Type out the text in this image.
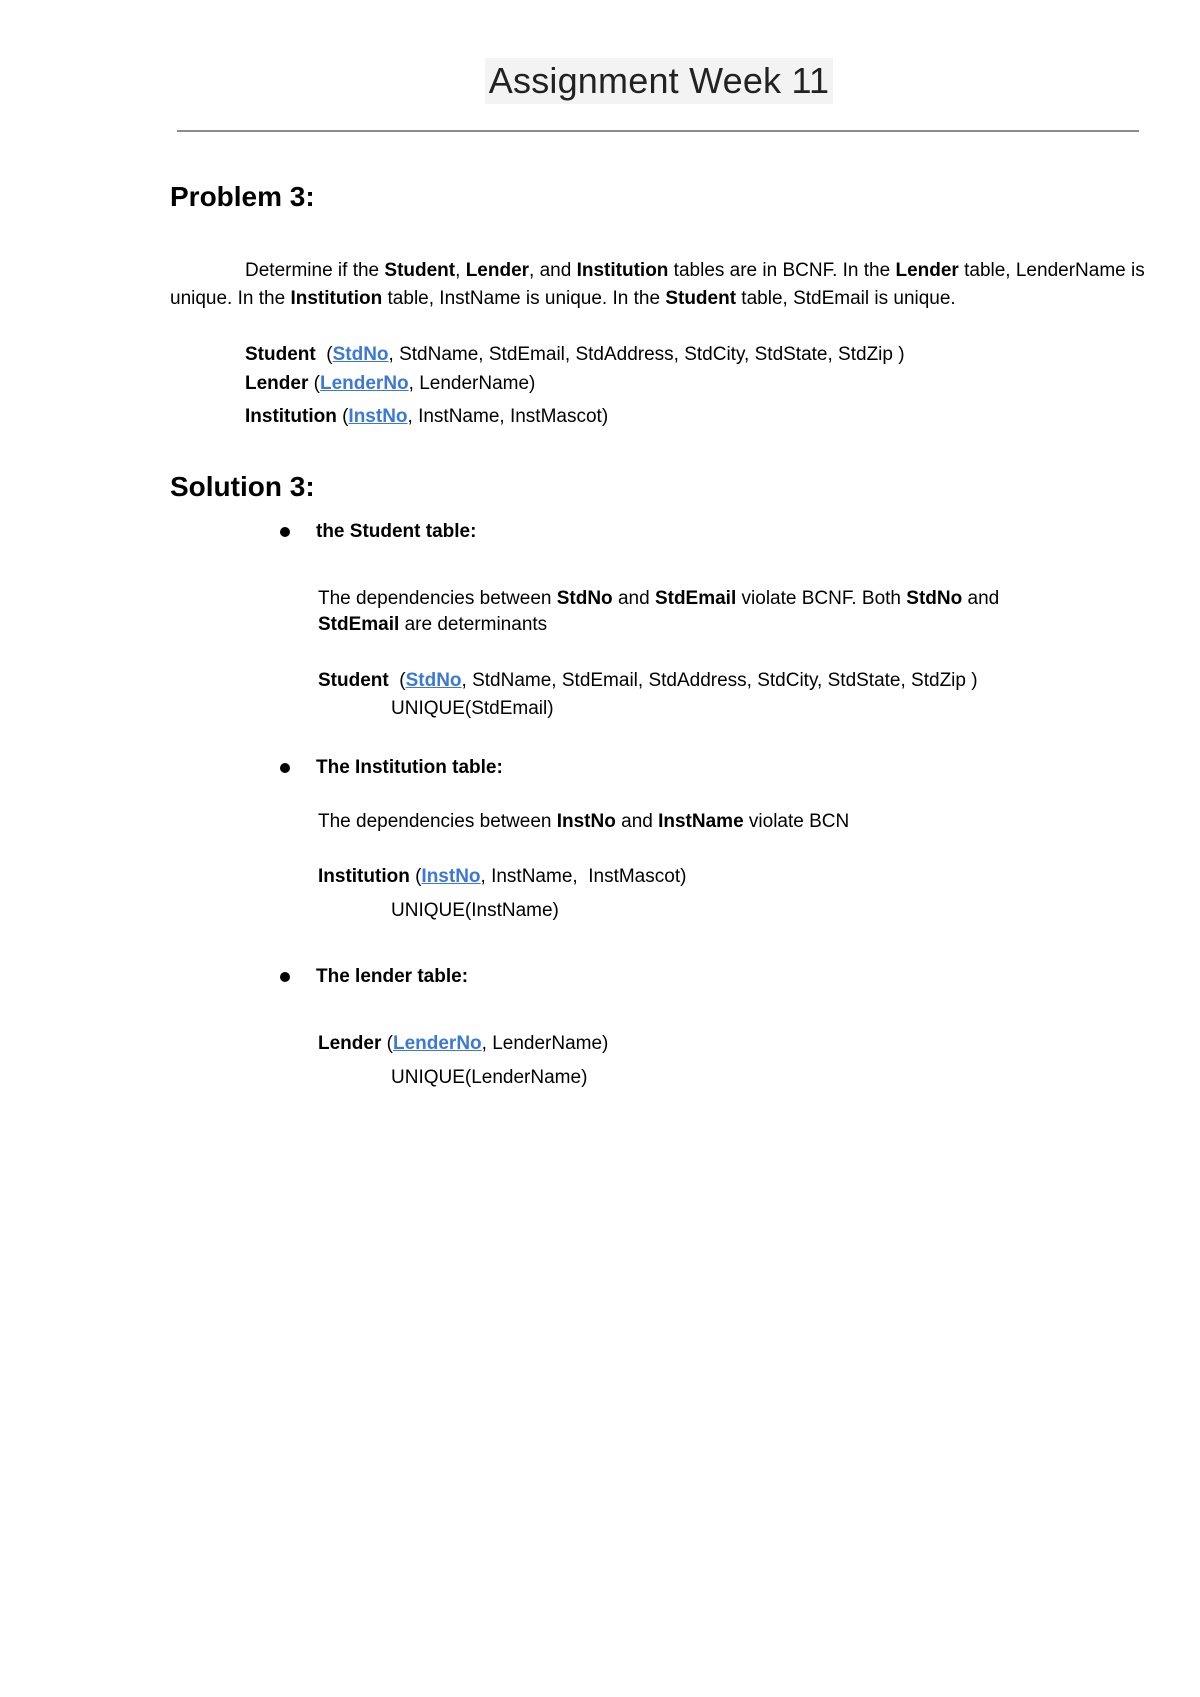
Assignment Week 11
Problem 3:
Determine if the Student, Lender, and Institution tables are in BCNF. In the Lender table, LenderName is unique. In the Institution table, InstName is unique. In the Student table, StdEmail is unique.
Student  (StdNo, StdName, StdEmail, StdAddress, StdCity, StdState, StdZip )
Lender (LenderNo, LenderName)
Institution (InstNo, InstName, InstMascot)
Solution 3:
the Student table:
The dependencies between StdNo and StdEmail violate BCNF. Both StdNo and
StdEmail are determinants
Student  (StdNo, StdName, StdEmail, StdAddress, StdCity, StdState, StdZip )
UNIQUE(StdEmail)
The Institution table:
The dependencies between InstNo and InstName violate BCN
Institution (InstNo, InstName,  InstMascot)
UNIQUE(InstName)
The lender table:
Lender (LenderNo, LenderName)
UNIQUE(LenderName)
